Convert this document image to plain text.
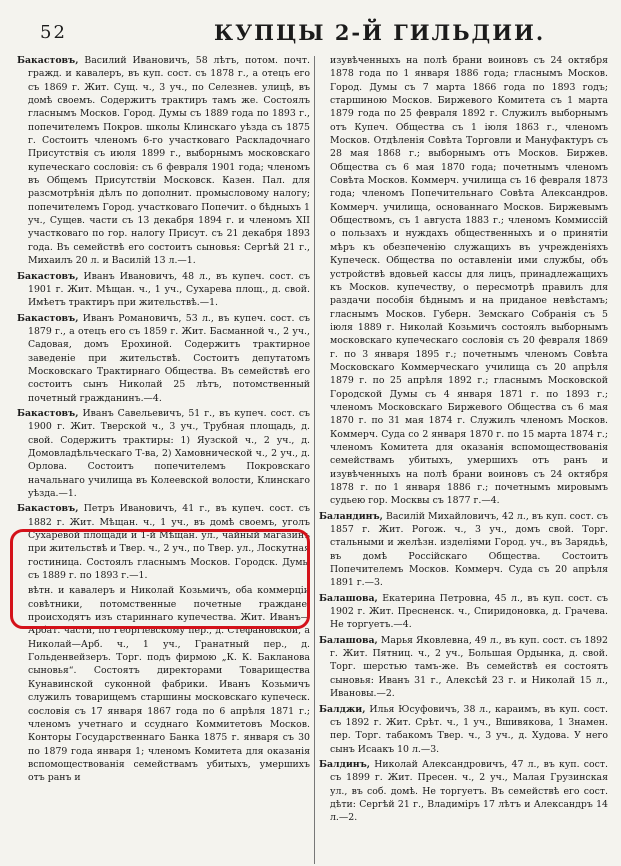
52	КУПЦЫ 2-Й ГИЛЬДИИ.

Бакастовъ, Василий Ивановичъ, 58 лѣтъ, потом. почт. гражд. и кавалеръ, въ куп. сост. съ 1878 г., а отецъ его съ 1869 г. Жит. Сущ. ч., 3 уч., по Селезнев. улицѣ, въ домѣ своемъ. Содержитъ трактиръ тамъ же. Состоялъ гласнымъ Москов. Город. Думы съ 1889 года по 1893 г., попечителемъ Покров. школы Клинскаго уѣзда съ 1875 г. Состоитъ членомъ 6-го участковаго Раскладочнаго Присутствія съ июля 1899 г., выборнымъ московскаго купеческаго сословія: съ 6 февраля 1901 года; членомъ въ Общемъ Присутствіи Московск. Казен. Пал. для разсмотрѣнія дѣлъ по дополнит. промысловому налогу; попечителемъ Город. участковаго Попечит. о бѣдныхъ 1 уч., Сущев. части съ 13 декабря 1894 г. и членомъ XII участковаго по гор. налогу Присут. съ 21 декабря 1893 года. Въ семействѣ его состоитъ сыновья: Сергѣй 21 г., Михаилъ 20 л. и Василій 13 л.—1.

Бакастовъ, Иванъ Ивановичъ, 48 л., въ купеч. сост. съ 1901 г. Жит. Мѣщан. ч., 1 уч., Сухарева площ., д. свой. Имѣетъ трактиръ при жительствѣ.—1.

Бакастовъ, Иванъ Романовичъ, 53 л., въ купеч. сост. съ 1879 г., а отецъ его съ 1859 г. Жит. Басманной ч., 2 уч., Садовая, домъ Ерохиной. Содержитъ трактирное заведеніе при жительствѣ. Состоитъ депутатомъ Московскаго Трактирнаго Общества. Въ семействѣ его состоитъ сынъ Николай 25 лѣтъ, потомственный почетный гражданинъ.—4.

Бакастовъ, Иванъ Савельевичъ, 51 г., въ купеч. сост. съ 1900 г. Жит. Тверской ч., 3 уч., Трубная площадь, д. свой. Содержитъ трактиры: 1) Яузской ч., 2 уч., д. Домовладѣльческаго Т-ва, 2) Хамовнической ч., 2 уч., д. Орлова. Состоитъ попечителемъ Покровскаго начальнаго училища въ Колеевской волости, Клинскаго уѣзда.—1.

Бакастовъ, Петръ Ивановичъ, 41 г., въ купеч. сост. съ 1882 г. Жит. Мѣщан. ч., 1 уч., въ домѣ своемъ, уголъ Сухаревой площади и 1-й Мѣщан. ул., чайный магазинъ при жительствѣ и Твер. ч., 2 уч., по Твер. ул., Лоскутная гостиница. Состоялъ гласнымъ Москов. Городск. Думы съ 1889 г. по 1893 г.—1.

вѣтн. и кавалеръ и Николай Козьмичъ, оба коммерціи совѣтники, потомственные почетные граждане, происходятъ изъ стариннаго купечества. Жит. Иванъ—Арбат. части, по Георгіевскому пер., д. Стефановской, а Николай—Арб. ч., 1 уч., Гранатный пер., д. Гольденвейзеръ. Торг. подъ фирмою „К. К. Бакланова сыновья“. Состоятъ директорами Товарищества Кунавинской суконной фабрики. Иванъ Козьмичъ служилъ товарищемъ старшины московскаго купеческ. сословія съ 17 января 1867 года по 6 апрѣля 1871 г.; членомъ учетнаго и ссуднаго Коммитетовъ Москов. Конторы Государственнаго Банка 1875 г. января съ 30 по 1879 года января 1; членомъ Комитета для оказанія вспомоществованія семействамъ убитыхъ, умершихъ отъ ранъ и

изувѣченныхъ на полѣ брани воиновъ съ 24 октября 1878 года по 1 января 1886 года; гласнымъ Москов. Город. Думы съ 7 марта 1866 года по 1893 годъ; старшиною Москов. Биржевого Комитета съ 1 марта 1879 года по 25 февраля 1892 г. Служилъ выборнымъ отъ Купеч. Общества съ 1 іюля 1863 г., членомъ Москов. Отдѣленія Совѣта Торговли и Мануфактуръ съ 28 мая 1868 г.; выборнымъ отъ Москов. Биржев. Общества съ 6 мая 1870 года; почетнымъ членомъ Совѣта Москов. Коммерч. училища съ 16 февраля 1873 года; членомъ Попечительнаго Совѣта Александров. Коммерч. училища, основаннаго Москов. Биржевымъ Обществомъ, съ 1 августа 1883 г.; членомъ Коммиссій о пользахъ и нуждахъ общественныхъ и о принятіи мѣръ къ обезпеченію служащихъ въ учрежденіяхъ Купеческ. Общества по оставленіи ими службы, объ устройствѣ вдовьей кассы для лицъ, принадлежащихъ къ Москов. купечеству, о пересмотрѣ правилъ для раздачи пособія бѣднымъ и на приданое невѣстамъ; гласнымъ Москов. Губерн. Земскаго Собранія съ 5 іюля 1889 г. Николай Козьмичъ состоялъ выборнымъ московскаго купеческаго сословія съ 20 февраля 1869 г. по 3 января 1895 г.; почетнымъ членомъ Совѣта Московскаго Коммерческаго училища съ 20 апрѣля 1879 г. по 25 апрѣля 1892 г.; гласнымъ Московской Городской Думы съ 4 января 1871 г. по 1893 г.; членомъ Московскаго Биржевого Общества съ 6 мая 1870 г. по 31 мая 1874 г. Служилъ членомъ Москов. Коммерч. Суда со 2 января 1870 г. по 15 марта 1874 г.; членомъ Комитета для оказанія вспомоществованія семействамъ убитыхъ, умершихъ отъ ранъ и изувѣченныхъ на полѣ брани воиновъ съ 24 октября 1878 г. по 1 января 1886 г.; почетнымъ мировымъ судьею гор. Москвы съ 1877 г.—4.

Баландинъ, Василій Михайловичъ, 42 л., въ куп. сост. съ 1857 г. Жит. Рогож. ч., 3 уч., домъ свой. Торг. стальными и желѣзн. изделіями Город. уч., въ Зарядьѣ, въ домѣ Россійскаго Общества. Состоитъ Попечителемъ Москов. Коммерч. Суда съ 20 апрѣля 1891 г.—3.

Балашова, Екатерина Петровна, 45 л., въ куп. сост. съ 1902 г. Жит. Пресненск. ч., Спиридоновка, д. Грачева. Не торгуетъ.—4.

Балашова, Марья Яковлевна, 49 л., въ куп. сост. съ 1892 г. Жит. Пятниц. ч., 2 уч., Большая Ордынка, д. свой. Торг. шерстью тамъ-же. Въ семействѣ ея состоятъ сыновья: Иванъ 31 г., Алексѣй 23 г. и Николай 15 л., Ивановы.—2.

Балджи, Илья Юсуфовичъ, 38 л., караимъ, въ куп. сост. съ 1892 г. Жит. Срѣт. ч., 1 уч., Вшивякова, 1 Знамен. пер. Торг. табакомъ Твер. ч., 3 уч., д. Худова. У него сынъ Исаакъ 10 л.—3.

Балдинъ, Николай Александровичъ, 47 л., въ куп. сост. съ 1899 г. Жит. Пресен. ч., 2 уч., Малая Грузинская ул., въ соб. домѣ. Не торгуетъ. Въ семействѣ его сост. дѣти: Сергѣй 21 г., Владиміръ 17 лѣтъ и Александръ 14 л.—2.
